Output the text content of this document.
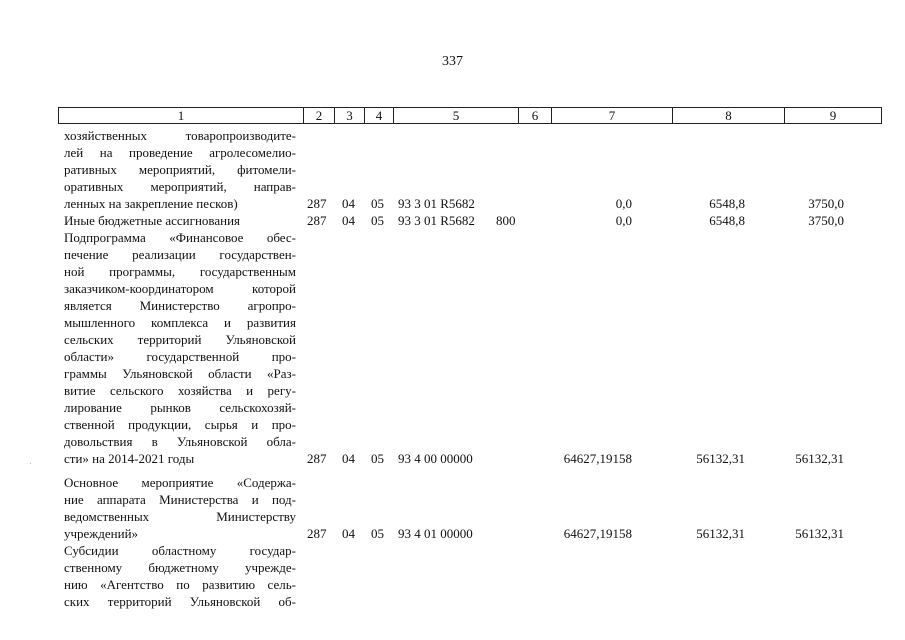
337
1	2	3	4	5	6	7	8	9
хозяйственных товаропроизводите-
лей на проведение агролесомелио-
ративных мероприятий, фитомели-
оративных мероприятий, направ-
ленных на закрепление песков)	287 04 05 93 3 01 R5682	0,0	6548,8	3750,0
Иные бюджетные ассигнования	287 04 05 93 3 01 R5682 800	0,0	6548,8	3750,0
Подпрограмма «Финансовое обес-
печение реализации государствен-
ной программы, государственным
заказчиком-координатором которой
является Министерство агропро-
мышленного комплекса и развития
сельских территорий Ульяновской
области» государственной про-
граммы Ульяновской области «Раз-
витие сельского хозяйства и регу-
лирование рынков сельскохозяй-
ственной продукции, сырья и про-
довольствия в Ульяновской обла-
сти» на 2014-2021 годы	287 04 05 93 4 00 00000	64627,19158	56132,31	56132,31
Основное мероприятие «Содержа-
ние аппарата Министерства и под-
ведомственных Министерству
учреждений»	287 04 05 93 4 01 00000	64627,19158	56132,31	56132,31
Субсидии областному государ-
ственному бюджетному учрежде-
нию «Агентство по развитию сель-
ских территорий Ульяновской об-
